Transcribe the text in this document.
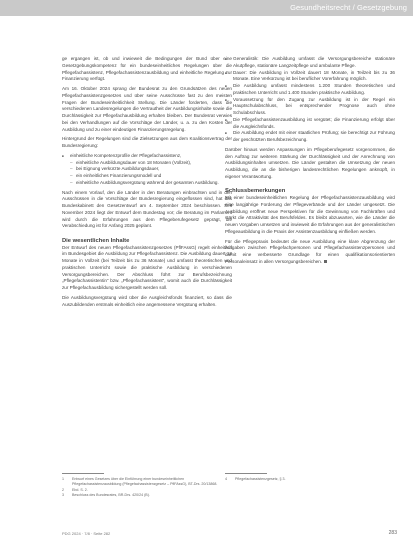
Gesundheitsrecht / Gesetzgebung

ge ergangen ist, ob und inwieweit die Bedingungen der Bund über eine Gesetzgebungskompetenz für ein bundeseinheitliches Regelungen über die Pflegefachassistenz, Pflegefachassistenzausbildung und einheitliche Regelung zur Finanzierung verfügt.

Am 16. Oktober 2024 sprang der Bundesrat zu den Grundsätzen des neuen Pflegefachassistenzgesetzes und über seine Ausschüsse fast zu den meisten Fragen der Bundeseinheitlichkeit Stellung. Die Länder forderten, dass die verschiedenen Landesregelungen die Vertrautheit der Ausbildungsinhalte sowie die Durchlässigkeit zur Pflegefachausbildung erhalten bleiben. Der Bundesrat verwies bei den Verhandlungen auf die Vorschläge der Länder, u. a. zu den Kosten der Ausbildung und zu einer eindeutigen Finanzierungsregelung.

Hintergrund der Regelungen sind die Zielsetzungen aus dem Koalitionsvertrag der Bundesregierung:

■ einheitliche Kompetenzprofile der Pflegefachassistenz,
– einheitliche Ausbildungsdauer von 18 Monaten (Vollzeit),
– bei Eignung verkürzte Ausbildungsdauer,
– ein einheitliches Finanzierungsmodell und
– einheitliche Ausbildungsvergütung während der gesamten Ausbildung.

Nach einem Vorlauf, den die Länder in den Beratungen einbrachten und in den Ausschüssen in die Vorschläge der Bundesregierung eingeflossen sind, hat das Bundeskabinett den Gesetzentwurf am 4. September 2024 beschlossen. Seit November 2024 liegt der Entwurf dem Bundestag vor; die Beratung im Parlament wird durch die Erfahrungen aus dem Pflegeberufegesetz geprägt, die Verabschiedung ist für Anfang 2025 geplant.

Die wesentlichen Inhalte

Der Entwurf des neuen Pflegefachassistenzgesetzes (PflFAssG) regelt einheitlich im Bundesgebiet die Ausbildung zur Pflegefachassistenz. Die Ausbildung dauert 18 Monate in Vollzeit (bei Teilzeit bis zu 36 Monate) und umfasst theoretischen und praktischen Unterricht sowie die praktische Ausbildung in verschiedenen Versorgungsbereichen. Der Abschluss führt zur Berufsbezeichnung „Pflegefachassistentin“ bzw. „Pflegefachassistent“, womit auch die Durchlässigkeit zur Pflegefachausbildung sichergestellt werden soll.

Die Ausbildungsvergütung wird über die Ausgleichsfonds finanziert, so dass die Auszubildenden erstmals einheitlich eine angemessene Vergütung erhalten.

■ Generalistik: Die Ausbildung umfasst die Versorgungsbereiche stationäre Akutpflege, stationäre Langzeitpflege und ambulante Pflege.
■ Dauer: Die Ausbildung in Vollzeit dauert 18 Monate, in Teilzeit bis zu 36 Monate. Eine Verkürzung ist bei beruflicher Vorerfahrung möglich.
■ Die Ausbildung umfasst mindestens 1.200 Stunden theoretischen und praktischen Unterricht und 1.400 Stunden praktische Ausbildung.
■ Voraussetzung für den Zugang zur Ausbildung ist in der Regel ein Hauptschulabschluss, bei entsprechender Prognose auch ohne Schulabschluss.
■ Die Pflegefachassistenzausbildung ist vergütet; die Finanzierung erfolgt über die Ausgleichsfonds.
■ Die Ausbildung endet mit einer staatlichen Prüfung; sie berechtigt zur Führung der geschützten Berufsbezeichnung.

Darüber hinaus werden Anpassungen im Pflegeberufegesetz vorgenommen, die den Auftrag zur weiteren Stärkung der Durchlässigkeit und der Anrechnung von Ausbildungsinhalten umsetzen. Die Länder gestalten die Umsetzung der neuen Ausbildung, die an die bisherigen landesrechtlichen Regelungen anknüpft, in eigener Verantwortung.

Schlussbemerkungen

Mit einer bundeseinheitlichen Regelung der Pflegefachassistenzausbildung wird eine langjährige Forderung der Pflegeverbände und der Länder umgesetzt. Die Ausbildung eröffnet neue Perspektiven für die Gewinnung von Fachkräften und stärkt die Attraktivität des Berufsfeldes. Es bleibt abzuwarten, wie die Länder die neuen Vorgaben umsetzen und inwieweit die Erfahrungen aus der generalistischen Pflegeausbildung in die Praxis der Assistenzausbildung einfließen werden.

Für die Pflegepraxis bedeutet die neue Ausbildung eine klare Abgrenzung der Aufgaben zwischen Pflegefachpersonen und Pflegefachassistenzpersonen und damit eine verbesserte Grundlage für einen qualifikationsorientierten Personaleinsatz in allen Versorgungsbereichen.

1 Entwurf eines Gesetzes über die Einführung einer bundeseinheitlichen Pflegefachassistenzausbildung (Pflegefachassistenzgesetz – PflFAssG), BT-Drs. 20/13868.
2 Ebd. S. 2.
3 Beschluss des Bundesrates, BR-Drs. 420/24 (B).
4 Pflegefachassistenzgesetz, § 3.
PDG 2024 · 7/8 · Seite 282	283
